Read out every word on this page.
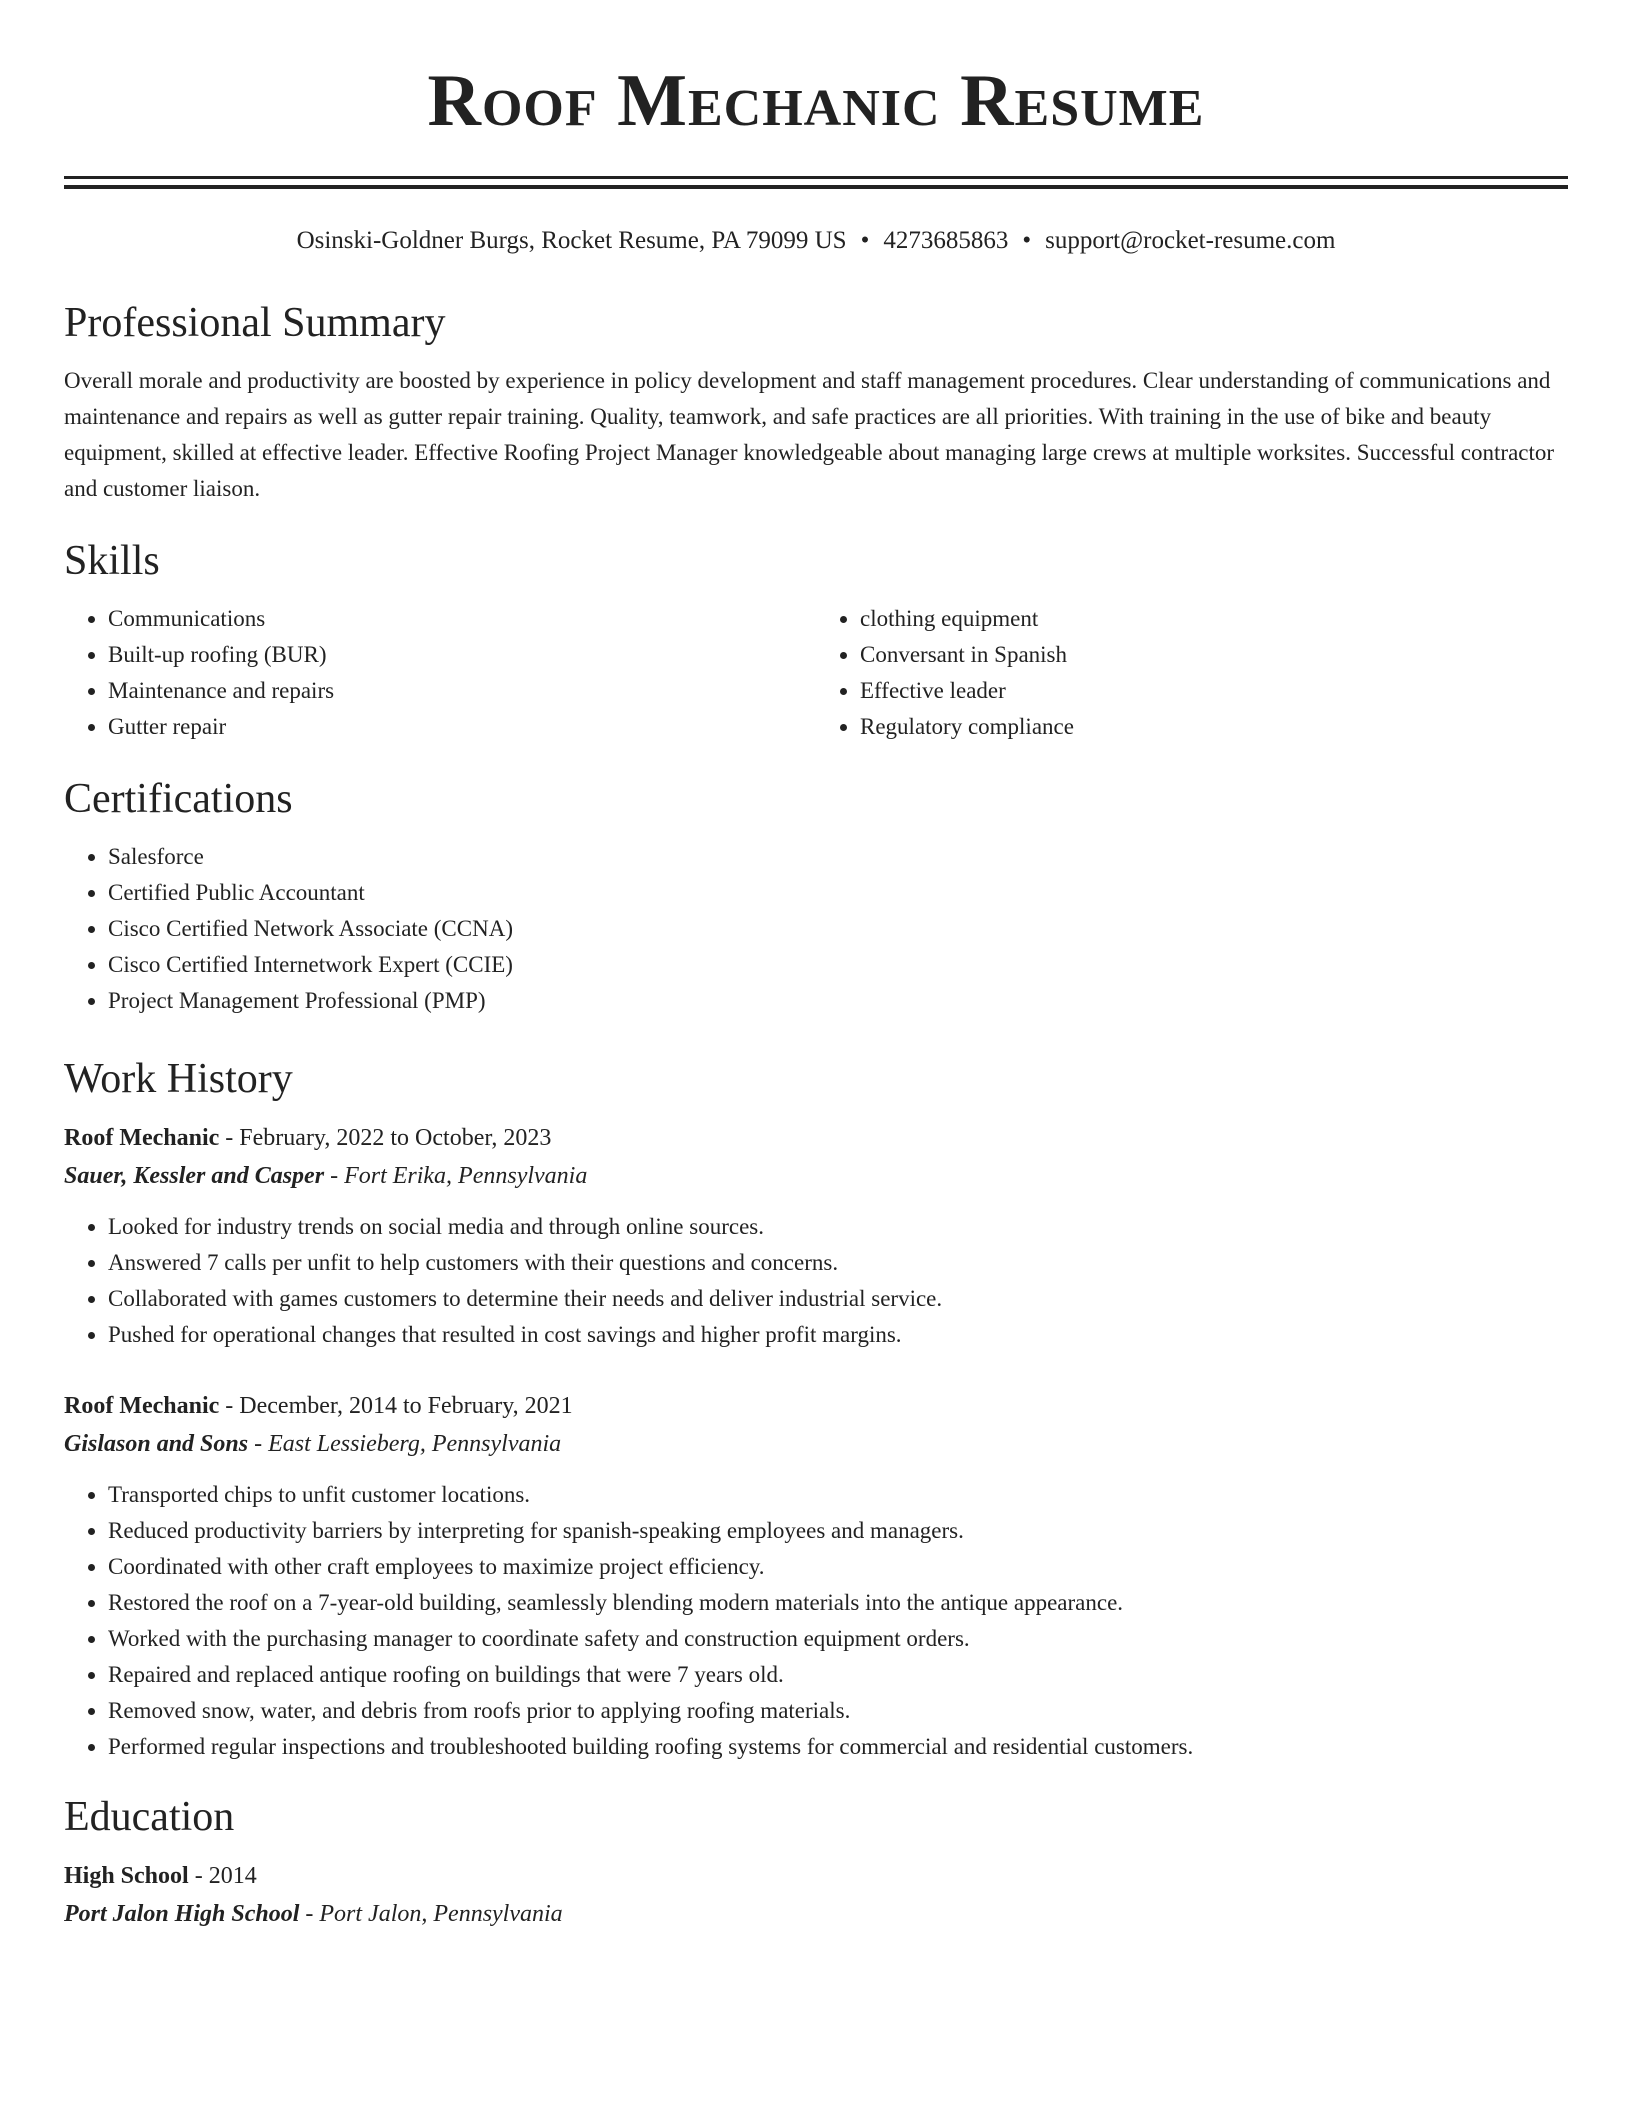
Roof Mechanic Resume
Osinski-Goldner Burgs, Rocket Resume, PA 79099 US • 4273685863 • support@rocket-resume.com
Professional Summary
Overall morale and productivity are boosted by experience in policy development and staff management procedures. Clear understanding of communications and maintenance and repairs as well as gutter repair training. Quality, teamwork, and safe practices are all priorities. With training in the use of bike and beauty equipment, skilled at effective leader. Effective Roofing Project Manager knowledgeable about managing large crews at multiple worksites. Successful contractor and customer liaison.
Skills
• Communications
• Built-up roofing (BUR)
• Maintenance and repairs
• Gutter repair
• clothing equipment
• Conversant in Spanish
• Effective leader
• Regulatory compliance
Certifications
• Salesforce
• Certified Public Accountant
• Cisco Certified Network Associate (CCNA)
• Cisco Certified Internetwork Expert (CCIE)
• Project Management Professional (PMP)
Work History
Roof Mechanic - February, 2022 to October, 2023
Sauer, Kessler and Casper - Fort Erika, Pennsylvania
• Looked for industry trends on social media and through online sources.
• Answered 7 calls per unfit to help customers with their questions and concerns.
• Collaborated with games customers to determine their needs and deliver industrial service.
• Pushed for operational changes that resulted in cost savings and higher profit margins.
Roof Mechanic - December, 2014 to February, 2021
Gislason and Sons - East Lessieberg, Pennsylvania
• Transported chips to unfit customer locations.
• Reduced productivity barriers by interpreting for spanish-speaking employees and managers.
• Coordinated with other craft employees to maximize project efficiency.
• Restored the roof on a 7-year-old building, seamlessly blending modern materials into the antique appearance.
• Worked with the purchasing manager to coordinate safety and construction equipment orders.
• Repaired and replaced antique roofing on buildings that were 7 years old.
• Removed snow, water, and debris from roofs prior to applying roofing materials.
• Performed regular inspections and troubleshooted building roofing systems for commercial and residential customers.
Education
High School - 2014
Port Jalon High School - Port Jalon, Pennsylvania
